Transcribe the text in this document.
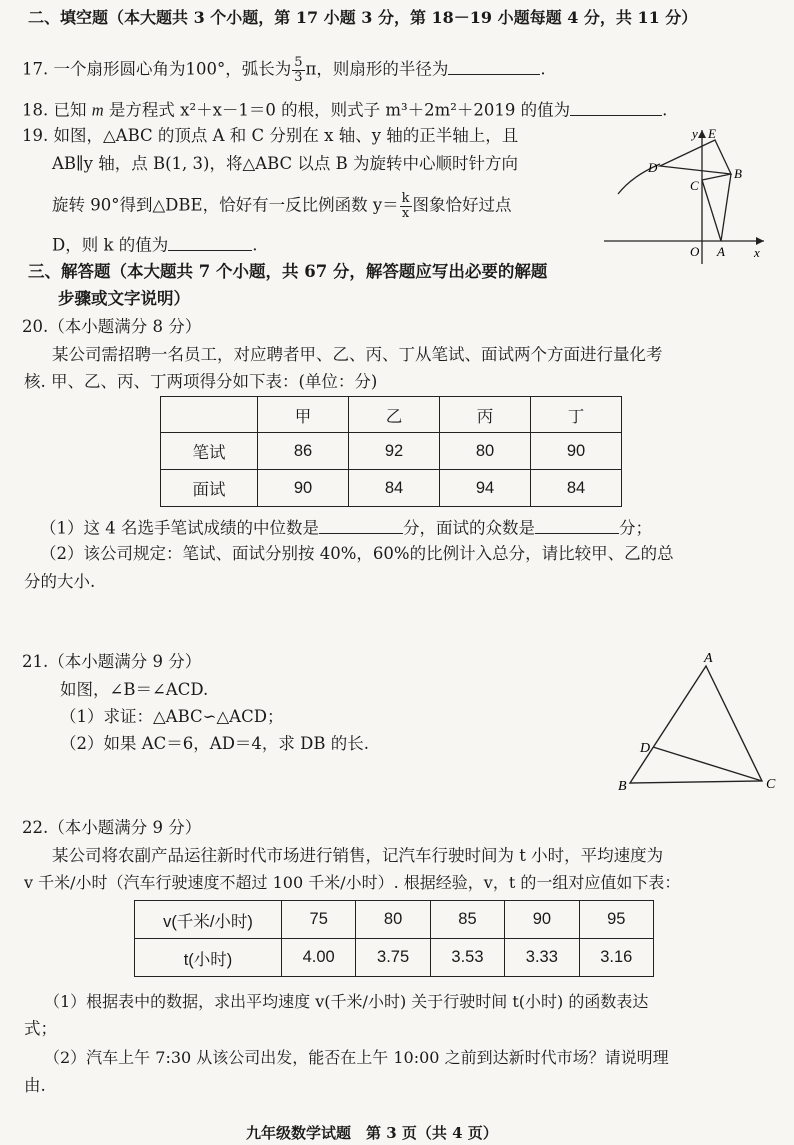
二、填空题（本大题共 3 个小题，第 17 小题 3 分，第 18－19 小题每题 4 分，共 11 分）
17. 一个扇形圆心角为100°，弧长为 $\frac{5}{3}$ π，则扇形的半径为	.
18. 已知 m 是方程式 x²＋x－1＝0 的根，则式子 m³＋2m²＋2019 的值为	.
19. 如图，△ABC 的顶点 A 和 C 分别在 x 轴、y 轴的正半轴上，且
AB∥y 轴，点 B(1, 3)，将△ABC 以点 B 为旋转中心顺时针方向
旋转 90°得到△DBE，恰好有一反比例函数 $y= \frac{k}{x}$ 图象恰好过点
D，则 k 的值为	.
y E
D
C
B
O A x
三、解答题（本大题共 7 个小题，共 67 分，解答题应写出必要的解题
步骤或文字说明）
20.（本小题满分 8 分）
某公司需招聘一名员工，对应聘者甲、乙、丙、丁从笔试、面试两个方面进行量化考
核. 甲、乙、丙、丁两项得分如下表：(单位：分)
	甲	乙	丙	丁
笔试	86	92	80	90
面试	90	84	94	84
（1）这 4 名选手笔试成绩的中位数是	分，面试的众数是	分；
（2）该公司规定：笔试、面试分别按 40%，60%的比例计入总分，请比较甲、乙的总
分的大小.
21.（本小题满分 9 分）
如图，∠B＝∠ACD.
（1）求证：△ABC∽△ACD；
（2）如果 AC＝6，AD＝4，求 DB 的长.
A
D
B	C
22.（本小题满分 9 分）
某公司将农副产品运往新时代市场进行销售，记汽车行驶时间为 t 小时，平均速度为
v 千米/小时（汽车行驶速度不超过 100 千米/小时）. 根据经验，v，t 的一组对应值如下表：
v(千米/小时)	75	80	85	90	95
t(小时)	4.00	3.75	3.53	3.33	3.16
（1）根据表中的数据，求出平均速度 v(千米/小时) 关于行驶时间 t(小时) 的函数表达
式；
（2）汽车上午 7:30 从该公司出发，能否在上午 10:00 之前到达新时代市场？请说明理
由.
九年级数学试题　第 3 页（共 4 页）
